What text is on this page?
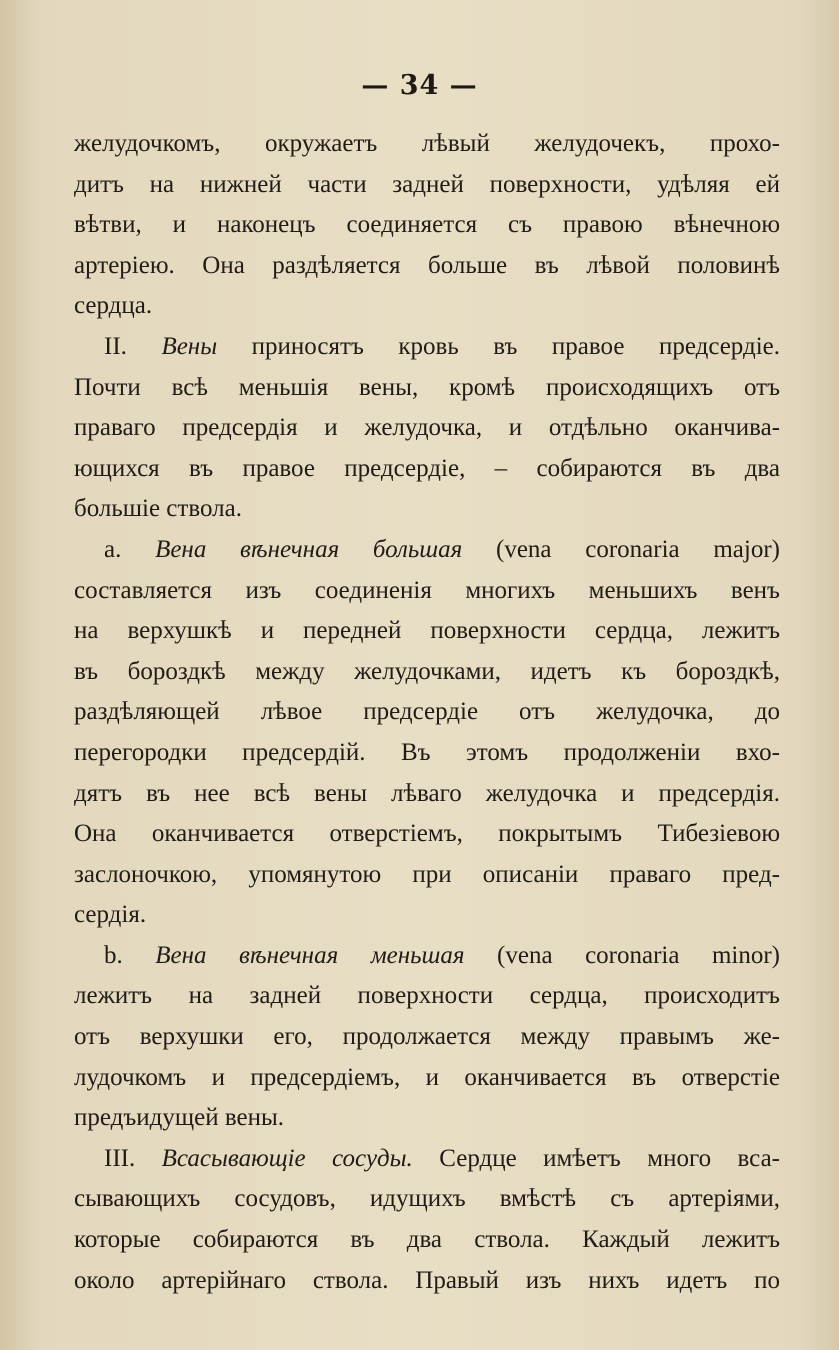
— 34 —
желудочкомъ, окружаетъ лѣвый желудочекъ, прохо-
дитъ на нижней части задней поверхности, удѣляя ей
вѣтви, и наконецъ соединяется съ правою вѣнечною
артеріею. Она раздѣляется больше въ лѣвой половинѣ
сердца.
II. Вены приносятъ кровь въ правое предсердіе.
Почти всѣ меньшія вены, кромѣ происходящихъ отъ
праваго предсердія и желудочка, и отдѣльно оканчива-
ющихся въ правое предсердіе, – собираются въ два
большіе ствола.
a. Вена вѣнечная большая (vena coronaria major)
составляется изъ соединенія многихъ меньшихъ венъ
на верхушкѣ и передней поверхности сердца, лежитъ
въ бороздкѣ между желудочками, идетъ къ бороздкѣ,
раздѣляющей лѣвое предсердіе отъ желудочка, до
перегородки предсердій. Въ этомъ продолженіи вхо-
дятъ въ нее всѣ вены лѣваго желудочка и предсердія.
Она оканчивается отверстіемъ, покрытымъ Тибезіевою
заслоночкою, упомянутою при описаніи праваго пред-
сердія.
b. Вена вѣнечная меньшая (vena coronaria minor)
лежитъ на задней поверхности сердца, происходитъ
отъ верхушки его, продолжается между правымъ же-
лудочкомъ и предсердіемъ, и оканчивается въ отверстіе
предъидущей вены.
III. Всасывающіе сосуды. Сердце имѣетъ много вса-
сывающихъ сосудовъ, идущихъ вмѣстѣ съ артеріями,
которые собираются въ два ствола. Каждый лежитъ
около артерійнаго ствола. Правый изъ нихъ идетъ по
